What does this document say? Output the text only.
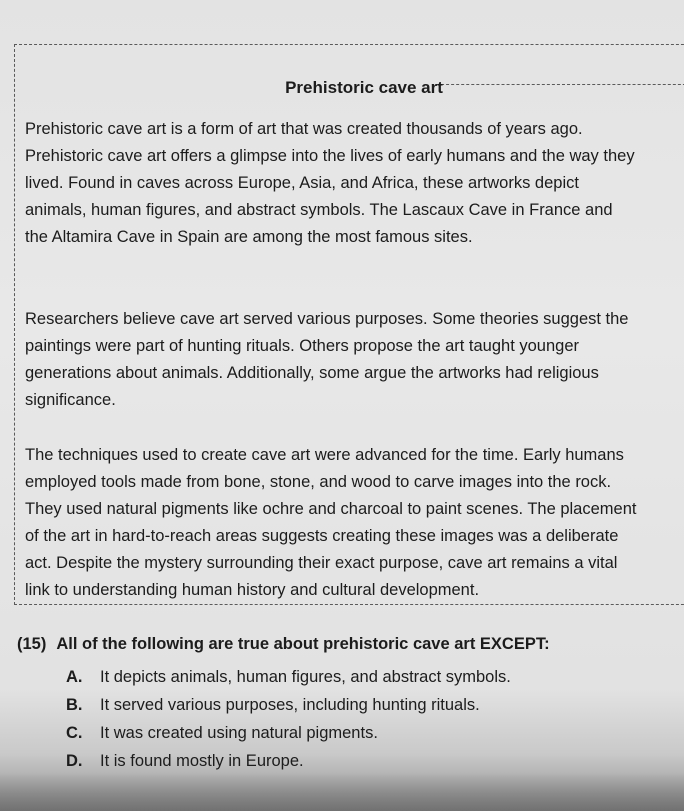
Prehistoric cave art

Prehistoric cave art is a form of art that was created thousands of years ago.
Prehistoric cave art offers a glimpse into the lives of early humans and the way they
lived. Found in caves across Europe, Asia, and Africa, these artworks depict
animals, human figures, and abstract symbols. The Lascaux Cave in France and
the Altamira Cave in Spain are among the most famous sites.

Researchers believe cave art served various purposes. Some theories suggest the
paintings were part of hunting rituals. Others propose the art taught younger
generations about animals. Additionally, some argue the artworks had religious
significance.

The techniques used to create cave art were advanced for the time. Early humans
employed tools made from bone, stone, and wood to carve images into the rock.
They used natural pigments like ochre and charcoal to paint scenes. The placement
of the art in hard-to-reach areas suggests creating these images was a deliberate
act. Despite the mystery surrounding their exact purpose, cave art remains a vital
link to understanding human history and cultural development.

(15) All of the following are true about prehistoric cave art EXCEPT:
A. It depicts animals, human figures, and abstract symbols.
B. It served various purposes, including hunting rituals.
C. It was created using natural pigments.
D. It is found mostly in Europe.
